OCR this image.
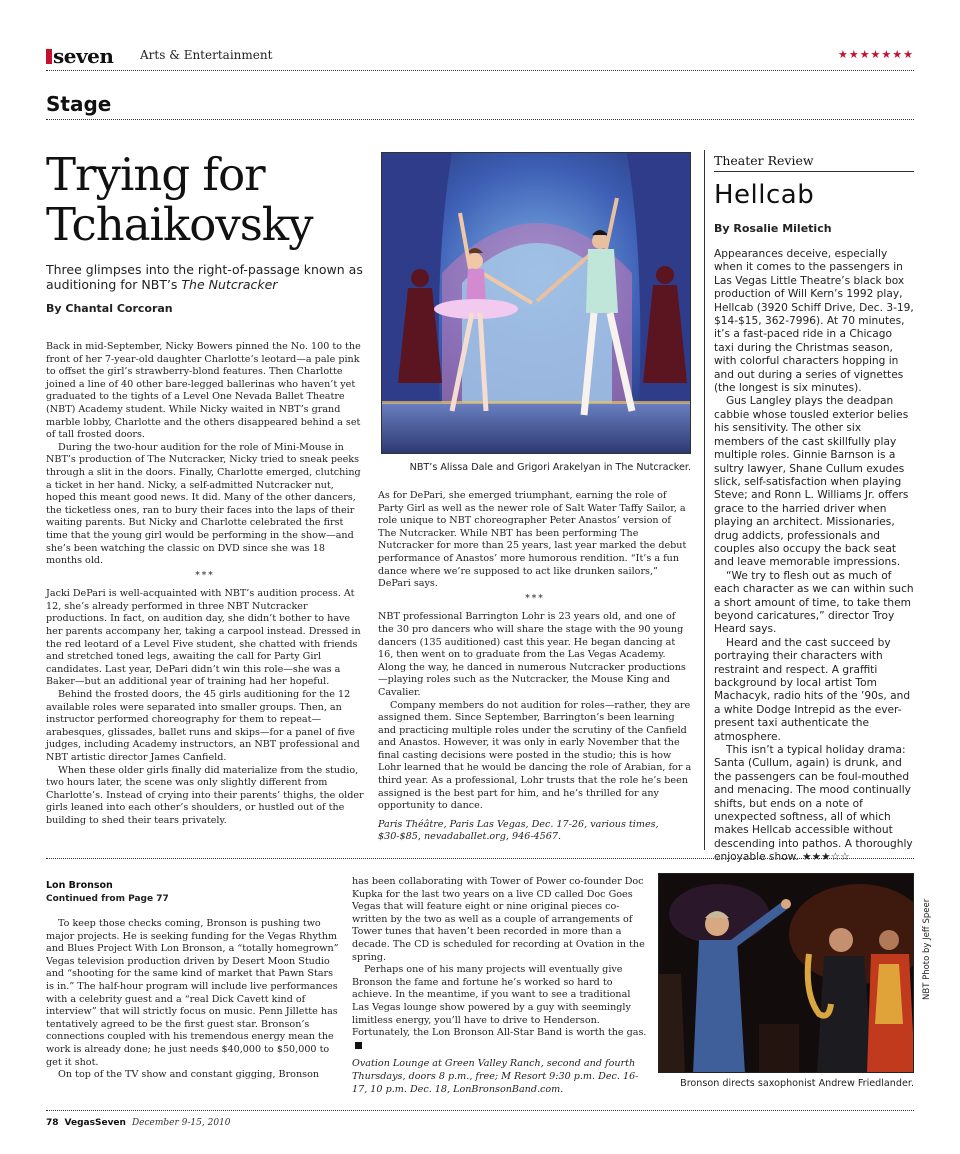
seven Arts & Entertainment	★★★★★★★
Stage
Trying for Tchaikovsky
Three glimpses into the right-of-passage known as auditioning for NBT’s The Nutcracker
By Chantal Corcoran

Back in mid-September, Nicky Bowers pinned the No. 100 to the front of her 7-year-old daughter Charlotte’s leotard—a pale pink to offset the girl’s strawberry-blond features. Then Charlotte joined a line of 40 other bare-legged ballerinas who haven’t yet graduated to the tights of a Level One Nevada Ballet Theatre (NBT) Academy student. While Nicky waited in NBT’s grand marble lobby, Charlotte and the others disappeared behind a set of tall frosted doors.

During the two-hour audition for the role of Mini-Mouse in NBT’s production of The Nutcracker, Nicky tried to sneak peeks through a slit in the doors. Finally, Charlotte emerged, clutching a ticket in her hand. Nicky, a self-admitted Nutcracker nut, hoped this meant good news. It did. Many of the other dancers, the ticketless ones, ran to bury their faces into the laps of their waiting parents. But Nicky and Charlotte celebrated the first time that the young girl would be performing in the show—and she’s been watching the classic on DVD since she was 18 months old.

***

Jacki DePari is well-acquainted with NBT’s audition process. At 12, she’s already performed in three NBT Nutcracker productions. In fact, on audition day, she didn’t bother to have her parents accompany her, taking a carpool instead. Dressed in the red leotard of a Level Five student, she chatted with friends and stretched toned legs, awaiting the call for Party Girl candidates. Last year, DePari didn’t win this role—she was a Baker—but an additional year of training had her hopeful.

Behind the frosted doors, the 45 girls auditioning for the 12 available roles were separated into smaller groups. Then, an instructor performed choreography for them to repeat—arabesques, glissades, ballet runs and skips—for a panel of five judges, including Academy instructors, an NBT professional and NBT artistic director James Canfield.

When these older girls finally did materialize from the studio, two hours later, the scene was only slightly different from Charlotte’s. Instead of crying into their parents’ thighs, the older girls leaned into each other’s shoulders, or hustled out of the building to shed their tears privately.

NBT’s Alissa Dale and Grigori Arakelyan in The Nutcracker.

As for DePari, she emerged triumphant, earning the role of Party Girl as well as the newer role of Salt Water Taffy Sailor, a role unique to NBT choreographer Peter Anastos’ version of The Nutcracker. While NBT has been performing The Nutcracker for more than 25 years, last year marked the debut performance of Anastos’ more humorous rendition. “It’s a fun dance where we’re supposed to act like drunken sailors,” DePari says.

***

NBT professional Barrington Lohr is 23 years old, and one of the 30 pro dancers who will share the stage with the 90 young dancers (135 auditioned) cast this year. He began dancing at 16, then went on to graduate from the Las Vegas Academy. Along the way, he danced in numerous Nutcracker productions—playing roles such as the Nutcracker, the Mouse King and Cavalier.

Company members do not audition for roles—rather, they are assigned them. Since September, Barrington’s been learning and practicing multiple roles under the scrutiny of the Canfield and Anastos. However, it was only in early November that the final casting decisions were posted in the studio; this is how Lohr learned that he would be dancing the role of Arabian, for a third year. As a professional, Lohr trusts that the role he’s been assigned is the best part for him, and he’s thrilled for any opportunity to dance.

Paris Théâtre, Paris Las Vegas, Dec. 17-26, various times, $30-$85, nevadaballet.org, 946-4567.

Theater Review
Hellcab
By Rosalie Miletich

Appearances deceive, especially when it comes to the passengers in Las Vegas Little Theatre’s black box production of Will Kern’s 1992 play, Hellcab (3920 Schiff Drive, Dec. 3-19, $14-$15, 362-7996). At 70 minutes, it’s a fast-paced ride in a Chicago taxi during the Christmas season, with colorful characters hopping in and out during a series of vignettes (the longest is six minutes).

Gus Langley plays the deadpan cabbie whose tousled exterior belies his sensitivity. The other six members of the cast skillfully play multiple roles. Ginnie Barnson is a sultry lawyer, Shane Cullum exudes slick, self-satisfaction when playing Steve; and Ronn L. Williams Jr. offers grace to the harried driver when playing an architect. Missionaries, drug addicts, professionals and couples also occupy the back seat and leave memorable impressions.

“We try to flesh out as much of each character as we can within such a short amount of time, to take them beyond caricatures,” director Troy Heard says.

Heard and the cast succeed by portraying their characters with restraint and respect. A graffiti background by local artist Tom Machacyk, radio hits of the ’90s, and a white Dodge Intrepid as the ever-present taxi authenticate the atmosphere.

This isn’t a typical holiday drama: Santa (Cullum, again) is drunk, and the passengers can be foul-mouthed and menacing. The mood continually shifts, but ends on a note of unexpected softness, all of which makes Hellcab accessible without descending into pathos. A thoroughly enjoyable show. ★★★☆☆

Lon Bronson
Continued from Page 77

To keep those checks coming, Bronson is pushing two major projects. He is seeking funding for the Vegas Rhythm and Blues Project With Lon Bronson, a “totally homegrown” Vegas television production driven by Desert Moon Studio and “shooting for the same kind of market that Pawn Stars is in.” The half-hour program will include live performances with a celebrity guest and a “real Dick Cavett kind of interview” that will strictly focus on music. Penn Jillette has tentatively agreed to be the first guest star. Bronson’s connections coupled with his tremendous energy mean the work is already done; he just needs $40,000 to $50,000 to get it shot.

On top of the TV show and constant gigging, Bronson

has been collaborating with Tower of Power co-founder Doc Kupka for the last two years on a live CD called Doc Goes Vegas that will feature eight or nine original pieces co-written by the two as well as a couple of arrangements of Tower tunes that haven’t been recorded in more than a decade. The CD is scheduled for recording at Ovation in the spring.

Perhaps one of his many projects will eventually give Bronson the fame and fortune he’s worked so hard to achieve. In the meantime, if you want to see a traditional Las Vegas lounge show powered by a guy with seemingly limitless energy, you’ll have to drive to Henderson. Fortunately, the Lon Bronson All-Star Band is worth the gas.

Ovation Lounge at Green Valley Ranch, second and fourth Thursdays, doors 8 p.m., free; M Resort 9:30 p.m. Dec. 16-17, 10 p.m. Dec. 18, LonBronsonBand.com.	Bronson directs saxophonist Andrew Friedlander.
NBT Photo by Jeff Speer
78 VegasSeven December 9-15, 2010
